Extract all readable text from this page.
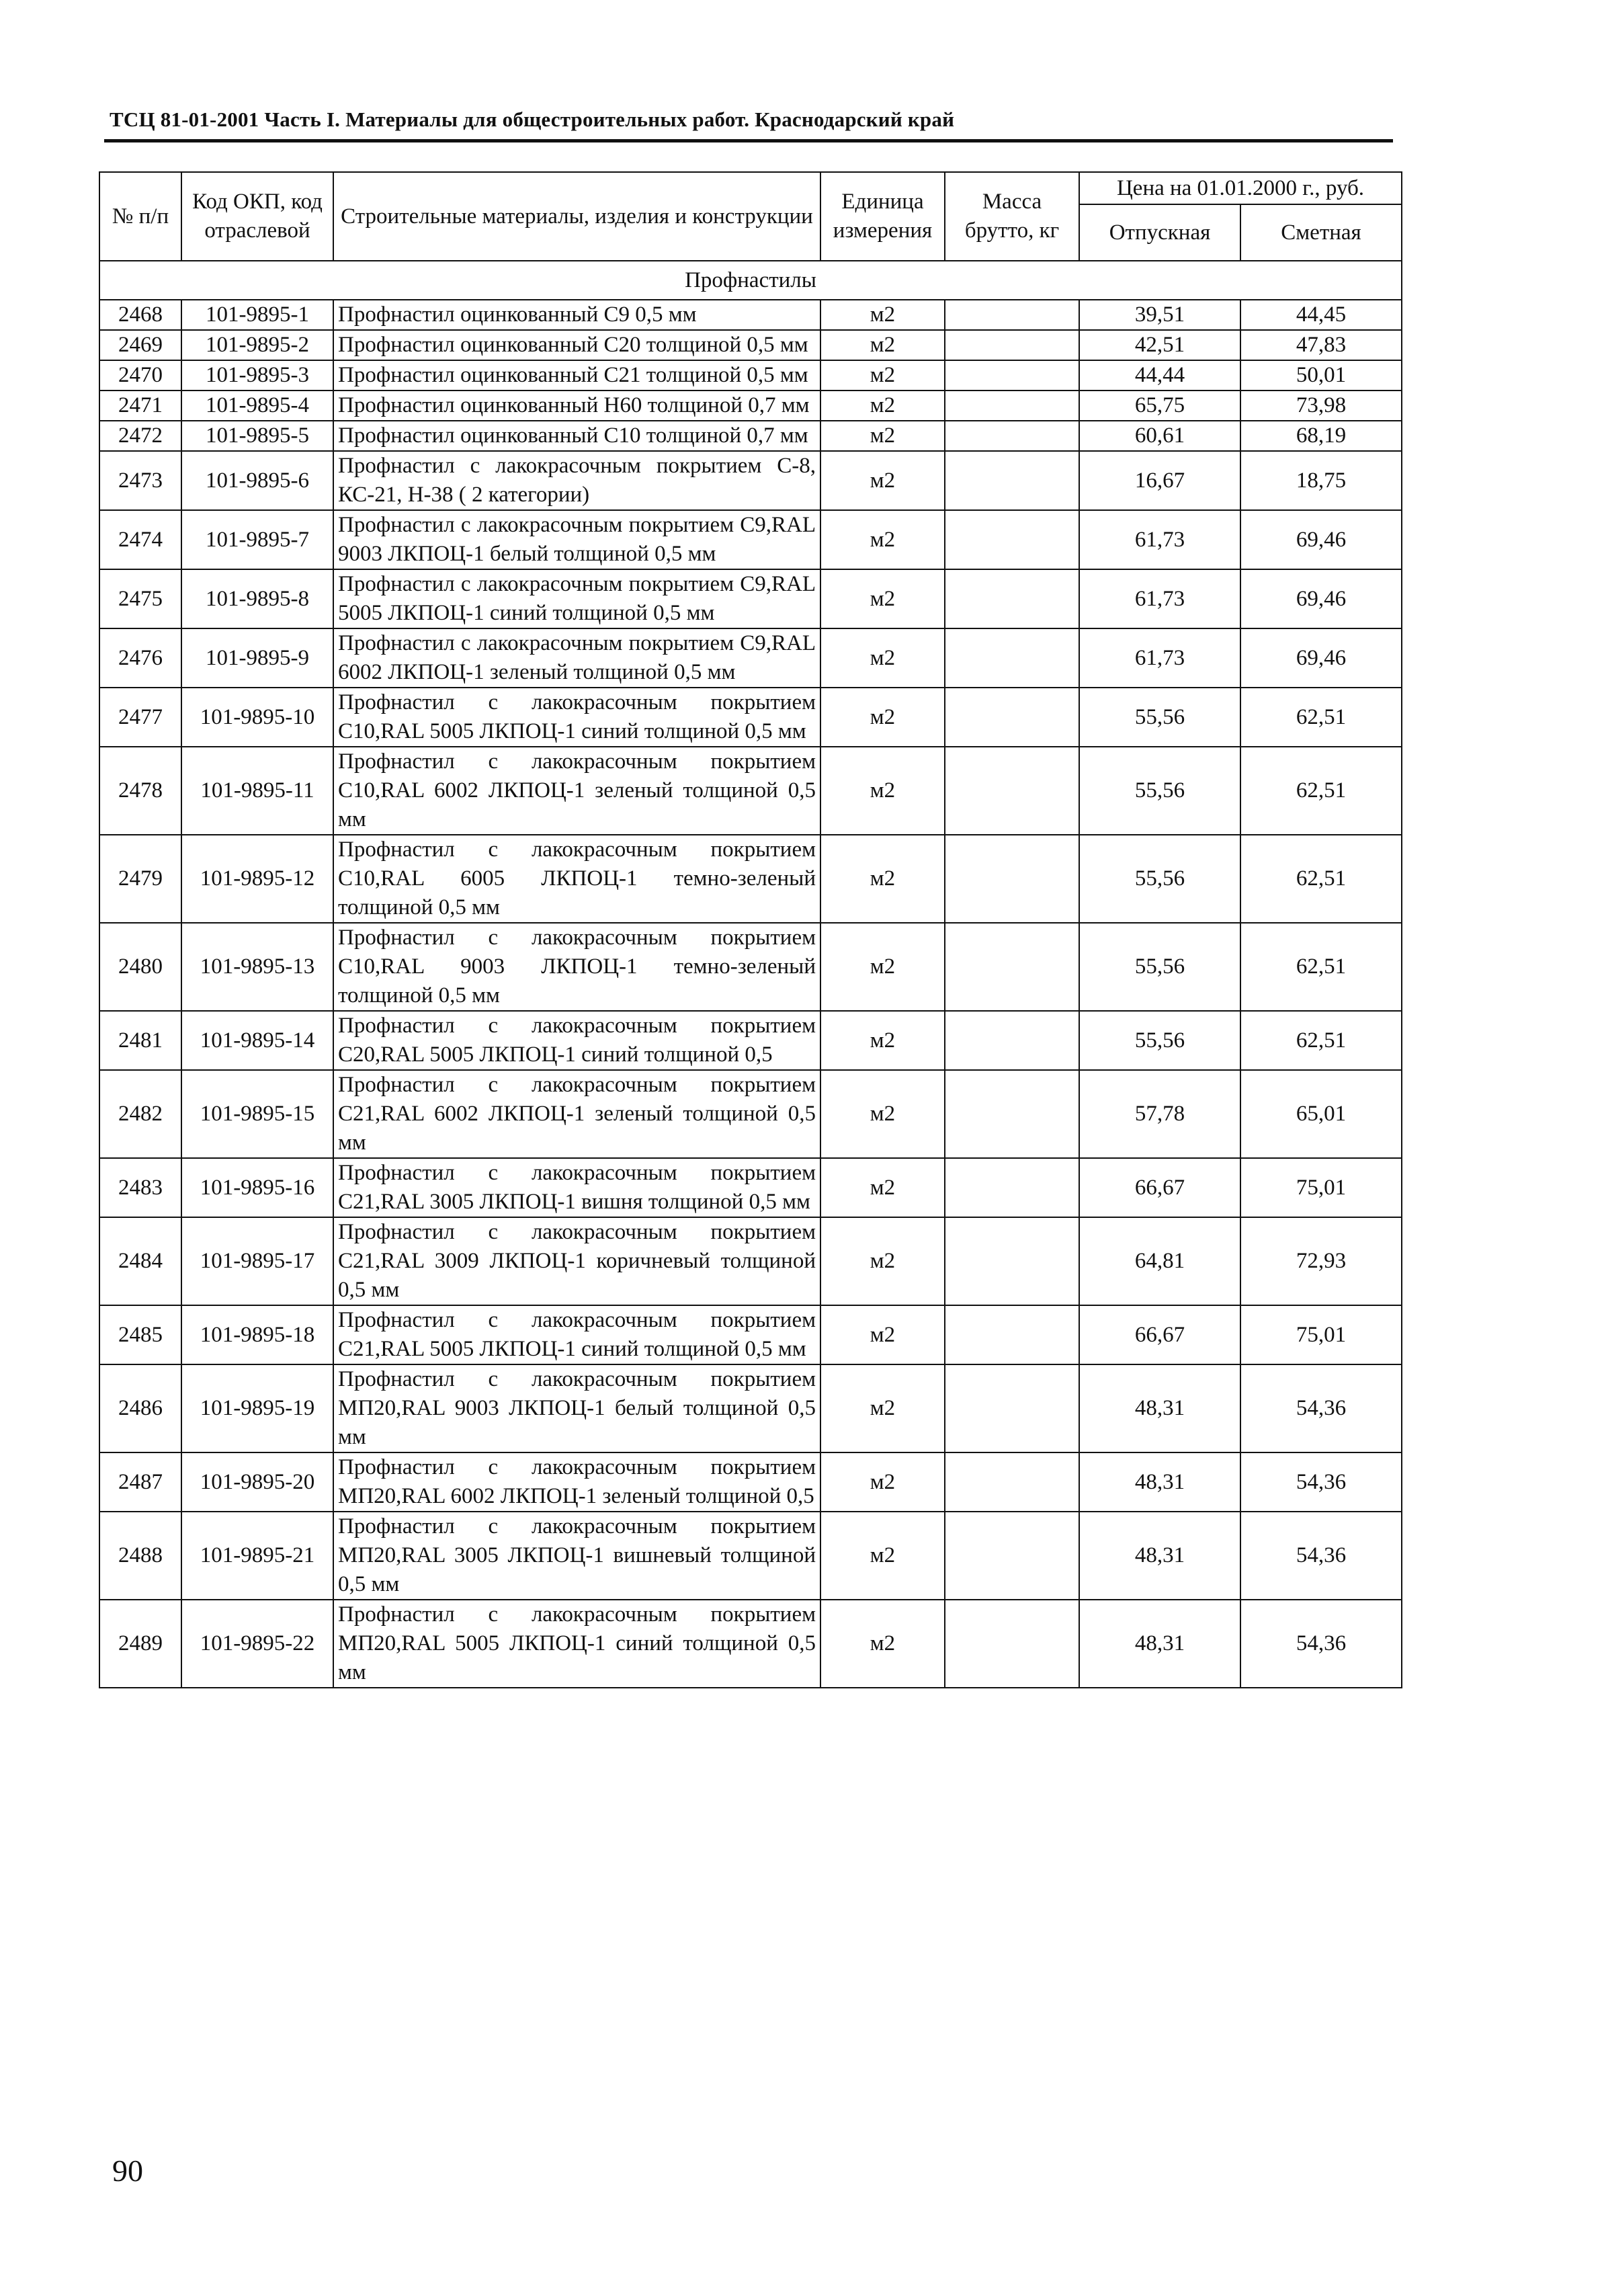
ТСЦ 81-01-2001 Часть I. Материалы для общестроительных работ. Краснодарский край
№ п/п	Код ОКП, код отраслевой	Строительные материалы, изделия и конструкции	Единица измерения	Масса брутто, кг	Цена на 01.01.2000 г., руб.	
					Отпускная	Сметная
Профнастилы						
2468	101-9895-1	Профнастил оцинкованный С9 0,5 мм	м2		39,51	44,45
2469	101-9895-2	Профнастил оцинкованный С20 толщиной 0,5 мм	м2		42,51	47,83
2470	101-9895-3	Профнастил оцинкованный С21 толщиной 0,5 мм	м2		44,44	50,01
2471	101-9895-4	Профнастил оцинкованный Н60 толщиной 0,7 мм	м2		65,75	73,98
2472	101-9895-5	Профнастил оцинкованный С10 толщиной 0,7 мм	м2		60,61	68,19
2473	101-9895-6	Профнастил с лакокрасочным покрытием С-8, КС-21, Н-38 ( 2 категории)	м2		16,67	18,75
2474	101-9895-7	Профнастил с лакокрасочным покрытием С9,RAL 9003 ЛКПОЦ-1 белый толщиной 0,5 мм	м2		61,73	69,46
2475	101-9895-8	Профнастил с лакокрасочным покрытием С9,RAL 5005 ЛКПОЦ-1 синий толщиной 0,5 мм	м2		61,73	69,46
2476	101-9895-9	Профнастил с лакокрасочным покрытием С9,RAL 6002 ЛКПОЦ-1 зеленый толщиной 0,5 мм	м2		61,73	69,46
2477	101-9895-10	Профнастил с лакокрасочным покрытием С10,RAL 5005 ЛКПОЦ-1 синий толщиной 0,5 мм	м2		55,56	62,51
2478	101-9895-11	Профнастил с лакокрасочным покрытием С10,RAL 6002 ЛКПОЦ-1 зеленый толщиной 0,5 мм	м2		55,56	62,51
2479	101-9895-12	Профнастил с лакокрасочным покрытием С10,RAL 6005 ЛКПОЦ-1 темно-зеленый толщиной 0,5 мм	м2		55,56	62,51
2480	101-9895-13	Профнастил с лакокрасочным покрытием С10,RAL 9003 ЛКПОЦ-1 темно-зеленый толщиной 0,5 мм	м2		55,56	62,51
2481	101-9895-14	Профнастил с лакокрасочным покрытием С20,RAL 5005 ЛКПОЦ-1 синий толщиной 0,5	м2		55,56	62,51
2482	101-9895-15	Профнастил с лакокрасочным покрытием С21,RAL 6002 ЛКПОЦ-1 зеленый толщиной 0,5 мм	м2		57,78	65,01
2483	101-9895-16	Профнастил с лакокрасочным покрытием С21,RAL 3005 ЛКПОЦ-1 вишня толщиной 0,5 мм	м2		66,67	75,01
2484	101-9895-17	Профнастил с лакокрасочным покрытием С21,RAL 3009 ЛКПОЦ-1 коричневый толщиной 0,5 мм	м2		64,81	72,93
2485	101-9895-18	Профнастил с лакокрасочным покрытием С21,RAL 5005 ЛКПОЦ-1 синий толщиной 0,5 мм	м2		66,67	75,01
2486	101-9895-19	Профнастил с лакокрасочным покрытием МП20,RAL 9003 ЛКПОЦ-1 белый толщиной 0,5 мм	м2		48,31	54,36
2487	101-9895-20	Профнастил с лакокрасочным покрытием МП20,RAL 6002 ЛКПОЦ-1 зеленый толщиной 0,5	м2		48,31	54,36
2488	101-9895-21	Профнастил с лакокрасочным покрытием МП20,RAL 3005 ЛКПОЦ-1 вишневый толщиной 0,5 мм	м2		48,31	54,36
2489	101-9895-22	Профнастил с лакокрасочным покрытием МП20,RAL 5005 ЛКПОЦ-1 синий толщиной 0,5 мм	м2		48,31	54,36
90
